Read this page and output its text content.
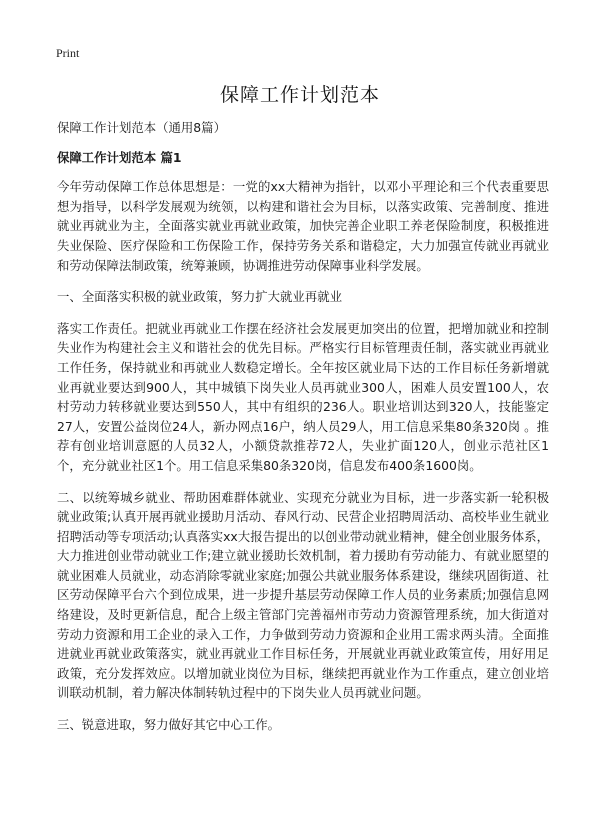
Print
保障工作计划范本

保障工作计划范本（通用8篇）

保障工作计划范本 篇1

今年劳动保障工作总体思想是：一党的xx大精神为指针，以邓小平理论和三个代表重要思想为指导，以科学发展观为统领，以构建和谐社会为目标，以落实政策、完善制度、推进就业再就业为主，全面落实就业再就业政策，加快完善企业职工养老保险制度，积极推进失业保险、医疗保险和工伤保险工作，保持劳务关系和谐稳定，大力加强宣传就业再就业和劳动保障法制政策，统筹兼顾，协调推进劳动保障事业科学发展。

一、全面落实积极的就业政策，努力扩大就业再就业

落实工作责任。把就业再就业工作摆在经济社会发展更加突出的位置，把增加就业和控制失业作为构建社会主义和谐社会的优先目标。严格实行目标管理责任制，落实就业再就业工作任务，保持就业和再就业人数稳定增长。全年按区就业局下达的工作目标任务新增就业再就业要达到900人，其中城镇下岗失业人员再就业300人，困难人员安置100人，农村劳动力转移就业要达到550人，其中有组织的236人。职业培训达到320人，技能鉴定27人，安置公益岗位24人，新办网点16户，纳人员29人，用工信息采集80条320岗 。推荐有创业培训意愿的人员32人，小额贷款推荐72人，失业扩面120人，创业示范社区1个，充分就业社区1个。用工信息采集80条320岗，信息发布400条1600岗。

二、以统筹城乡就业、帮助困难群体就业、实现充分就业为目标，进一步落实新一轮积极就业政策;认真开展再就业援助月活动、春风行动、民营企业招聘周活动、高校毕业生就业招聘活动等专项活动;认真落实xx大报告提出的以创业带动就业精神，健全创业服务体系，大力推进创业带动就业工作;建立就业援助长效机制，着力援助有劳动能力、有就业愿望的就业困难人员就业，动态消除零就业家庭;加强公共就业服务体系建设，继续巩固街道、社区劳动保障平台六个到位成果，进一步提升基层劳动保障工作人员的业务素质;加强信息网络建设，及时更新信息，配合上级主管部门完善福州市劳动力资源管理系统，加大街道对劳动力资源和用工企业的录入工作，力争做到劳动力资源和企业用工需求两头清。全面推进就业再就业政策落实，就业再就业工作目标任务，开展就业再就业政策宣传，用好用足政策，充分发挥效应。以增加就业岗位为目标，继续把再就业作为工作重点，建立创业培训联动机制，着力解决体制转轨过程中的下岗失业人员再就业问题。

三、锐意进取，努力做好其它中心工作。
